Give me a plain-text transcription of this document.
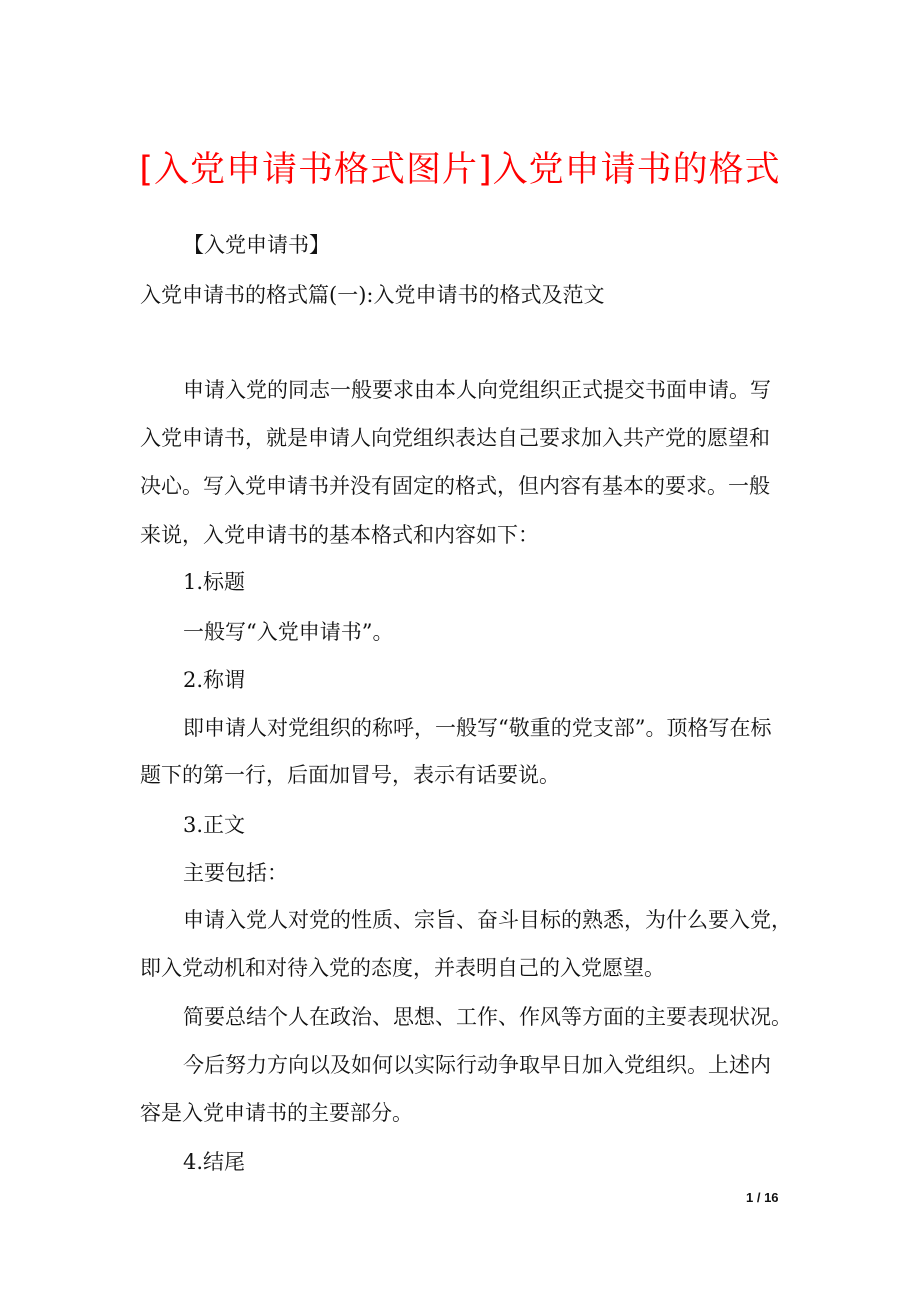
[入党申请书格式图片]入党申请书的格式
【入党申请书】
入党申请书的格式篇(一):入党申请书的格式及范文
申请入党的同志一般要求由本人向党组织正式提交书面申请。写
入党申请书，就是申请人向党组织表达自己要求加入共产党的愿望和
决心。写入党申请书并没有固定的格式，但内容有基本的要求。一般
来说，入党申请书的基本格式和内容如下：
1.标题
一般写“入党申请书”。
2.称谓
即申请人对党组织的称呼，一般写“敬重的党支部”。顶格写在标
题下的第一行，后面加冒号，表示有话要说。
3.正文
主要包括：
申请入党人对党的性质、宗旨、奋斗目标的熟悉，为什么要入党，
即入党动机和对待入党的态度，并表明自己的入党愿望。
简要总结个人在政治、思想、工作、作风等方面的主要表现状况。
今后努力方向以及如何以实际行动争取早日加入党组织。上述内
容是入党申请书的主要部分。
4.结尾
1 / 16
